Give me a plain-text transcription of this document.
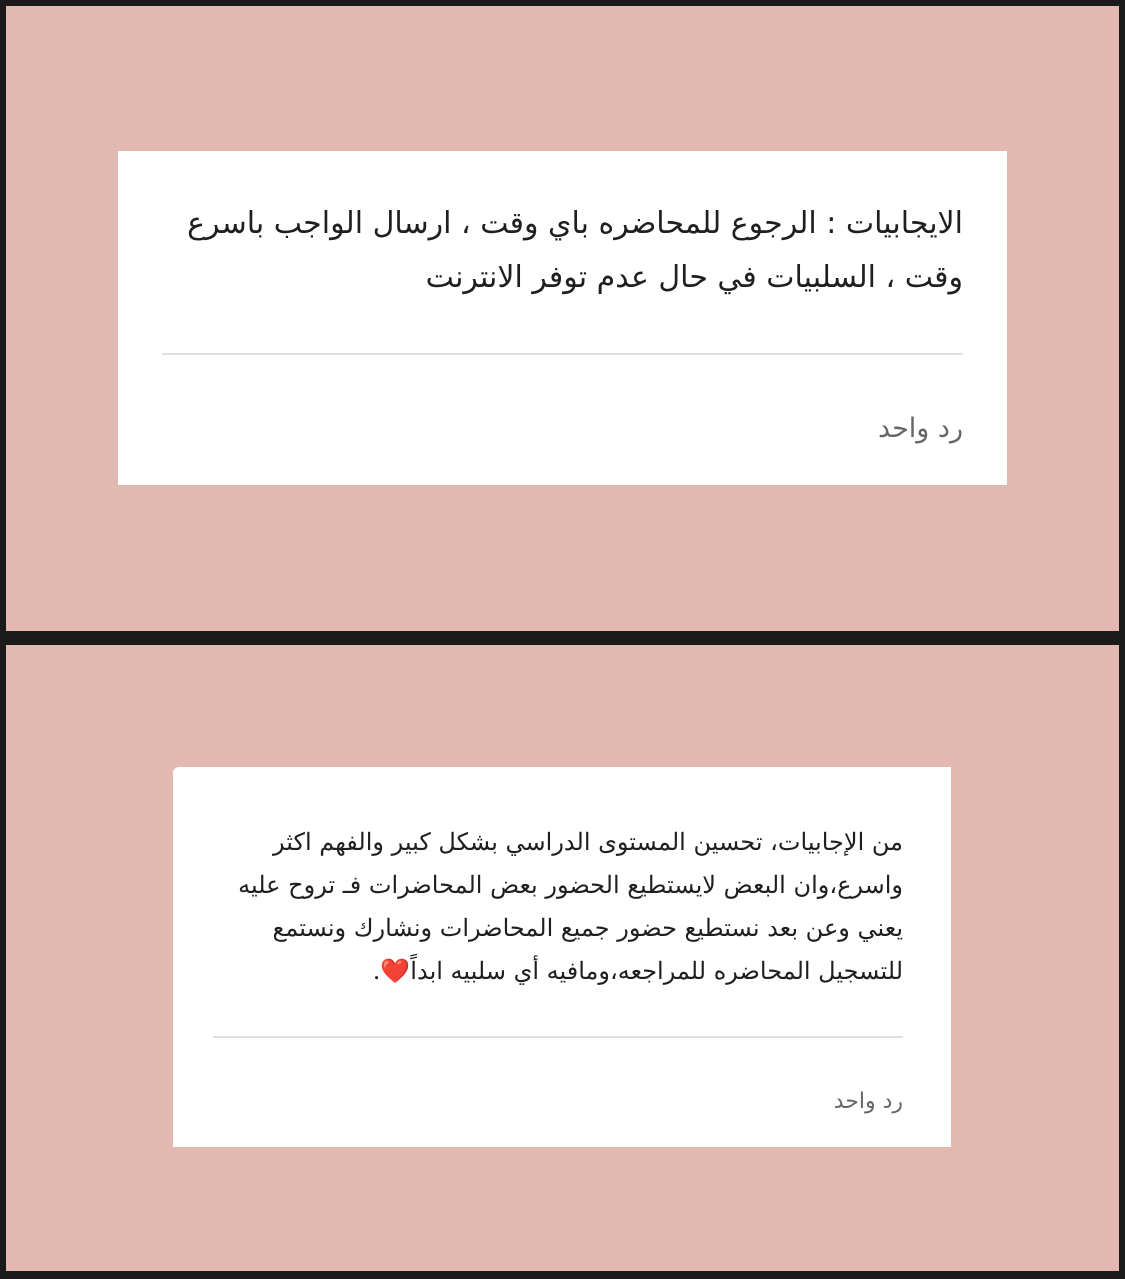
الايجابيات : الرجوع للمحاضره باي وقت ، ارسال الواجب باسرع وقت ، السلبيات في حال عدم توفر الانترنت
رد واحد
من الإجابيات، تحسين المستوى الدراسي بشكل كبير والفهم اكثر واسرع،وان البعض لايستطيع الحضور بعض المحاضرات فـ تروح عليه يعني وعن بعد نستطيع حضور جميع المحاضرات ونشارك ونستمع للتسجيل المحاضره للمراجعه،ومافيه أي سلبيه ابداً❤️.
رد واحد
